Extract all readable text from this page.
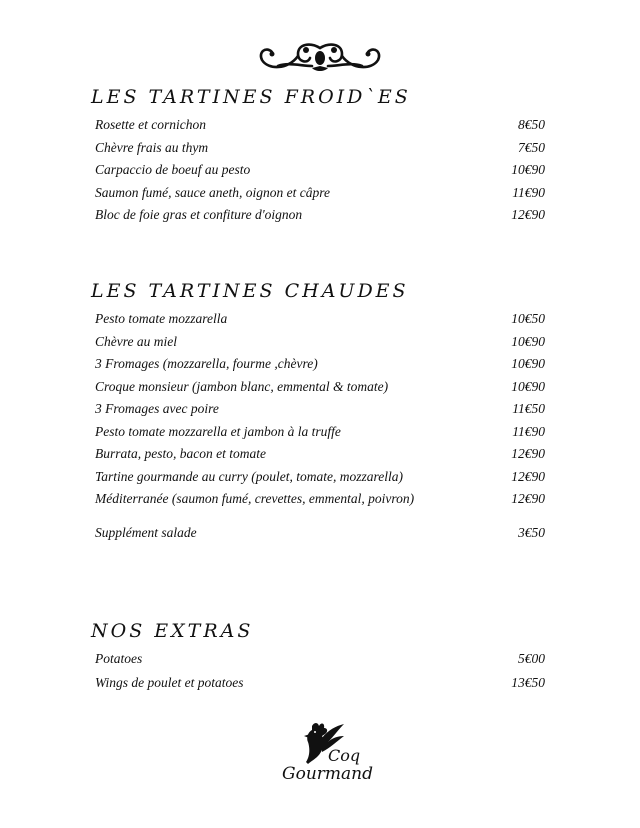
LES TARTINES FROID`ES
Rosette et cornichon	8€50
Chèvre frais au thym	7€50
Carpaccio de boeuf au pesto	10€90
Saumon fumé, sauce aneth, oignon et câpre	11€90
Bloc de foie gras et confiture d'oignon	12€90
LES TARTINES CHAUDES
Pesto tomate mozzarella	10€50
Chèvre au miel	10€90
3 Fromages (mozzarella, fourme ,chèvre)	10€90
Croque monsieur (jambon blanc, emmental & tomate)	10€90
3 Fromages avec poire	11€50
Pesto tomate mozzarella et jambon à la truffe	11€90
Burrata, pesto, bacon et tomate	12€90
Tartine gourmande au curry (poulet, tomate, mozzarella)	12€90
Méditerranée (saumon fumé, crevettes, emmental, poivron)	12€90
Supplément salade	3€50
NOS EXTRAS
Potatoes	5€00
Wings de poulet et potatoes	13€50
Coq
Gourmand
